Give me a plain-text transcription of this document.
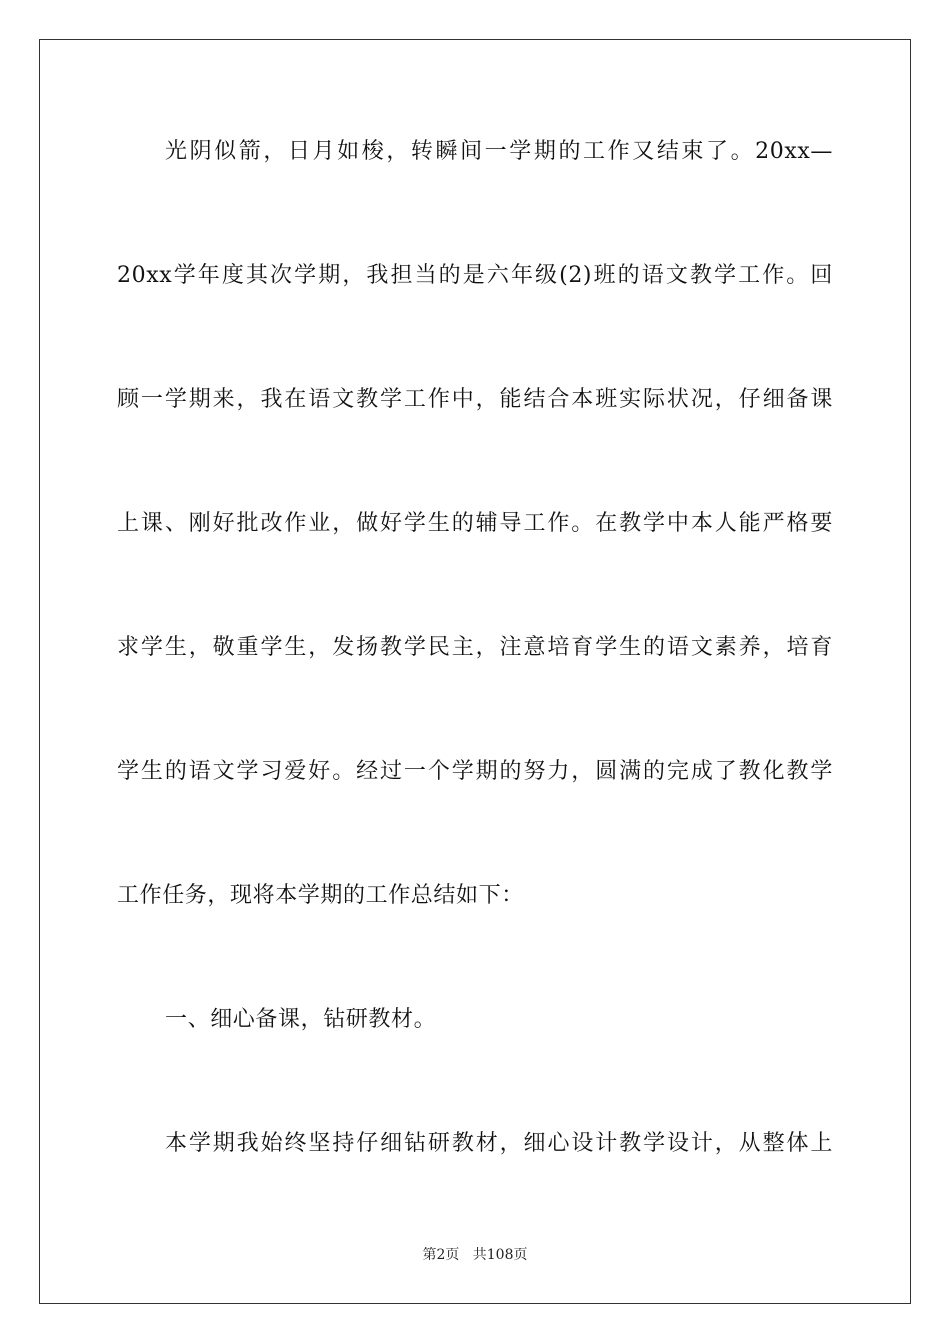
光阴似箭，日月如梭，转瞬间一学期的工作又结束了。20xx—
20xx学年度其次学期，我担当的是六年级(2)班的语文教学工作。回
顾一学期来，我在语文教学工作中，能结合本班实际状况，仔细备课
上课、刚好批改作业，做好学生的辅导工作。在教学中本人能严格要
求学生，敬重学生，发扬教学民主，注意培育学生的语文素养，培育
学生的语文学习爱好。经过一个学期的努力，圆满的完成了教化教学
工作任务，现将本学期的工作总结如下：
一、细心备课，钻研教材。
本学期我始终坚持仔细钻研教材，细心设计教学设计，从整体上
第2页 共108页
